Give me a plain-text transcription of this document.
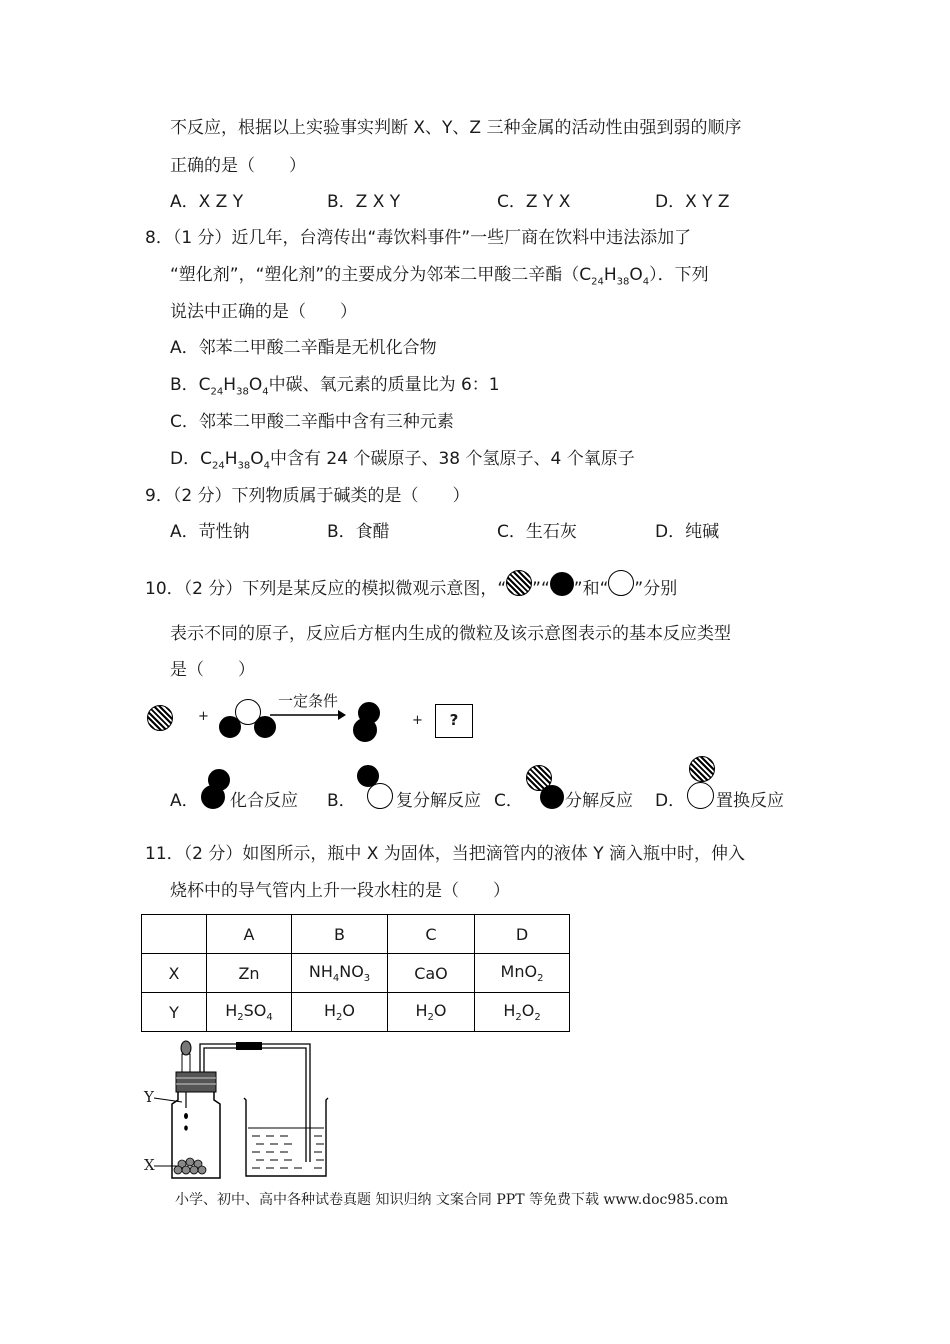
不反应，根据以上实验事实判断 X、Y、Z 三种金属的活动性由强到弱的顺序
正确的是（　　）
A．X Z Y	B．Z X Y	C．Z Y X	D．X Y Z
8．（1 分）近几年，台湾传出“毒饮料事件”一些厂商在饮料中违法添加了
“塑化剂”，“塑化剂”的主要成分为邻苯二甲酸二辛酯$(C_{24}H_{38}O_4)$．下列
说法中正确的是（　　）
A．邻苯二甲酸二辛酯是无机化合物
B．$C_{24}H_{38}O_4$中碳、氧元素的质量比为 6：1
C．邻苯二甲酸二辛酯中含有三种元素
D．$C_{24}H_{38}O_4$中含有 24 个碳原子、38 个氢原子、4 个氧原子
9．（2 分）下列物质属于碱类的是（　　）
A．苛性钠	B．食醋	C．生石灰	D．纯碱
10．（2 分）下列是某反应的模拟微观示意图，“ ”“ ”和“ ”分别
表示不同的原子，反应后方框内生成的微粒及该示意图表示的基本反应类型
是（　　）
+
一定条件
+	?
A． 化合反应 B． 复分解反应 C． 分解反应 D． 置换反应
11．（2 分）如图所示，瓶中 X 为固体，当把滴管内的液体 Y 滴入瓶中时，伸入
烧杯中的导气管内上升一段水柱的是（　　）
	A	B	C	D
X	Zn	$NH_4NO_3$	CaO	MnO$_2$
Y	$H_2SO_4$	$H_2O$	$H_2O$	$H_2O_2$
Y
X
小学、初中、高中各种试卷真题 知识归纳 文案合同 PPT 等免费下载 www.doc985.com
